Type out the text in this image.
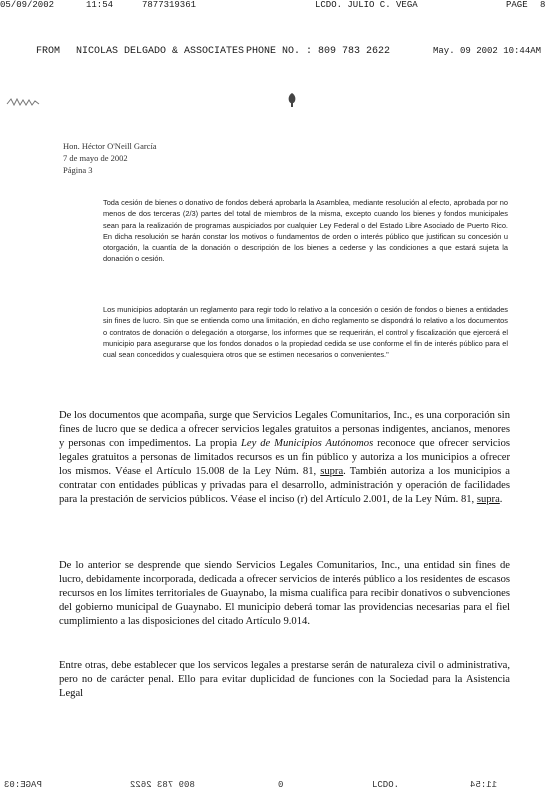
05/09/2002	11:54	7877319361	LCDO. JULIO C. VEGA	PAGE 8
FROM NICOLAS DELGADO & ASSOCIATES PHONE NO. : 809 783 2622	May. 09 2002 10:44AM
Hon. Héctor O'Neill García
7 de mayo de 2002
Página 3

Toda cesión de bienes o donativo de fondos deberá aprobarla la Asamblea, mediante resolución al efecto, aprobada por no menos de dos terceras (2/3) partes del total de miembros de la misma, excepto cuando los bienes y fondos municipales sean para la realización de programas auspiciados por cualquier Ley Federal o del Estado Libre Asociado de Puerto Rico. En dicha resolución se harán constar los motivos o fundamentos de orden o interés público que justifican su concesión u otorgación, la cuantía de la donación o descripción de los bienes a cederse y las condiciones a que estará sujeta la donación o cesión.

Los municipios adoptarán un reglamento para regir todo lo relativo a la concesión o cesión de fondos o bienes a entidades sin fines de lucro. Sin que se entienda como una limitación, en dicho reglamento se dispondrá lo relativo a los documentos o contratos de donación o delegación a otorgarse, los informes que se requerirán, el control y fiscalización que ejercerá el municipio para asegurarse que los fondos donados o la propiedad cedida se use conforme el fin de interés público para el cual sean concedidos y cualesquiera otros que se estimen necesarios o convenientes."

De los documentos que acompaña, surge que Servicios Legales Comunitarios, Inc., es una corporación sin fines de lucro que se dedica a ofrecer servicios legales gratuitos a personas indigentes, ancianos, menores y personas con impedimentos. La propia Ley de Municipios Autónomos reconoce que ofrecer servicios legales gratuitos a personas de limitados recursos es un fin público y autoriza a los municipios a ofrecer los mismos. Véase el Artículo 15.008 de la Ley Núm. 81, supra. También autoriza a los municipios a contratar con entidades públicas y privadas para el desarrollo, administración y operación de facilidades para la prestación de servicios públicos. Véase el inciso (r) del Artículo 2.001, de la Ley Núm. 81, supra.

De lo anterior se desprende que siendo Servicios Legales Comunitarios, Inc., una entidad sin fines de lucro, debidamente incorporada, dedicada a ofrecer servicios de interés público a los residentes de escasos recursos en los límites territoriales de Guaynabo, la misma cualifica para recibir donativos o subvenciones del gobierno municipal de Guaynabo. El municipio deberá tomar las providencias necesarias para el fiel cumplimiento a las disposiciones del citado Artículo 9.014.

Entre otras, debe establecer que los servicos legales a prestarse serán de naturaleza civil o administrativa, pero no de carácter penal. Ello para evitar duplicidad de funciones con la Sociedad para la Asistencia Legal

PAGE:03	809 783 2622	0	LCDO.	11:54
